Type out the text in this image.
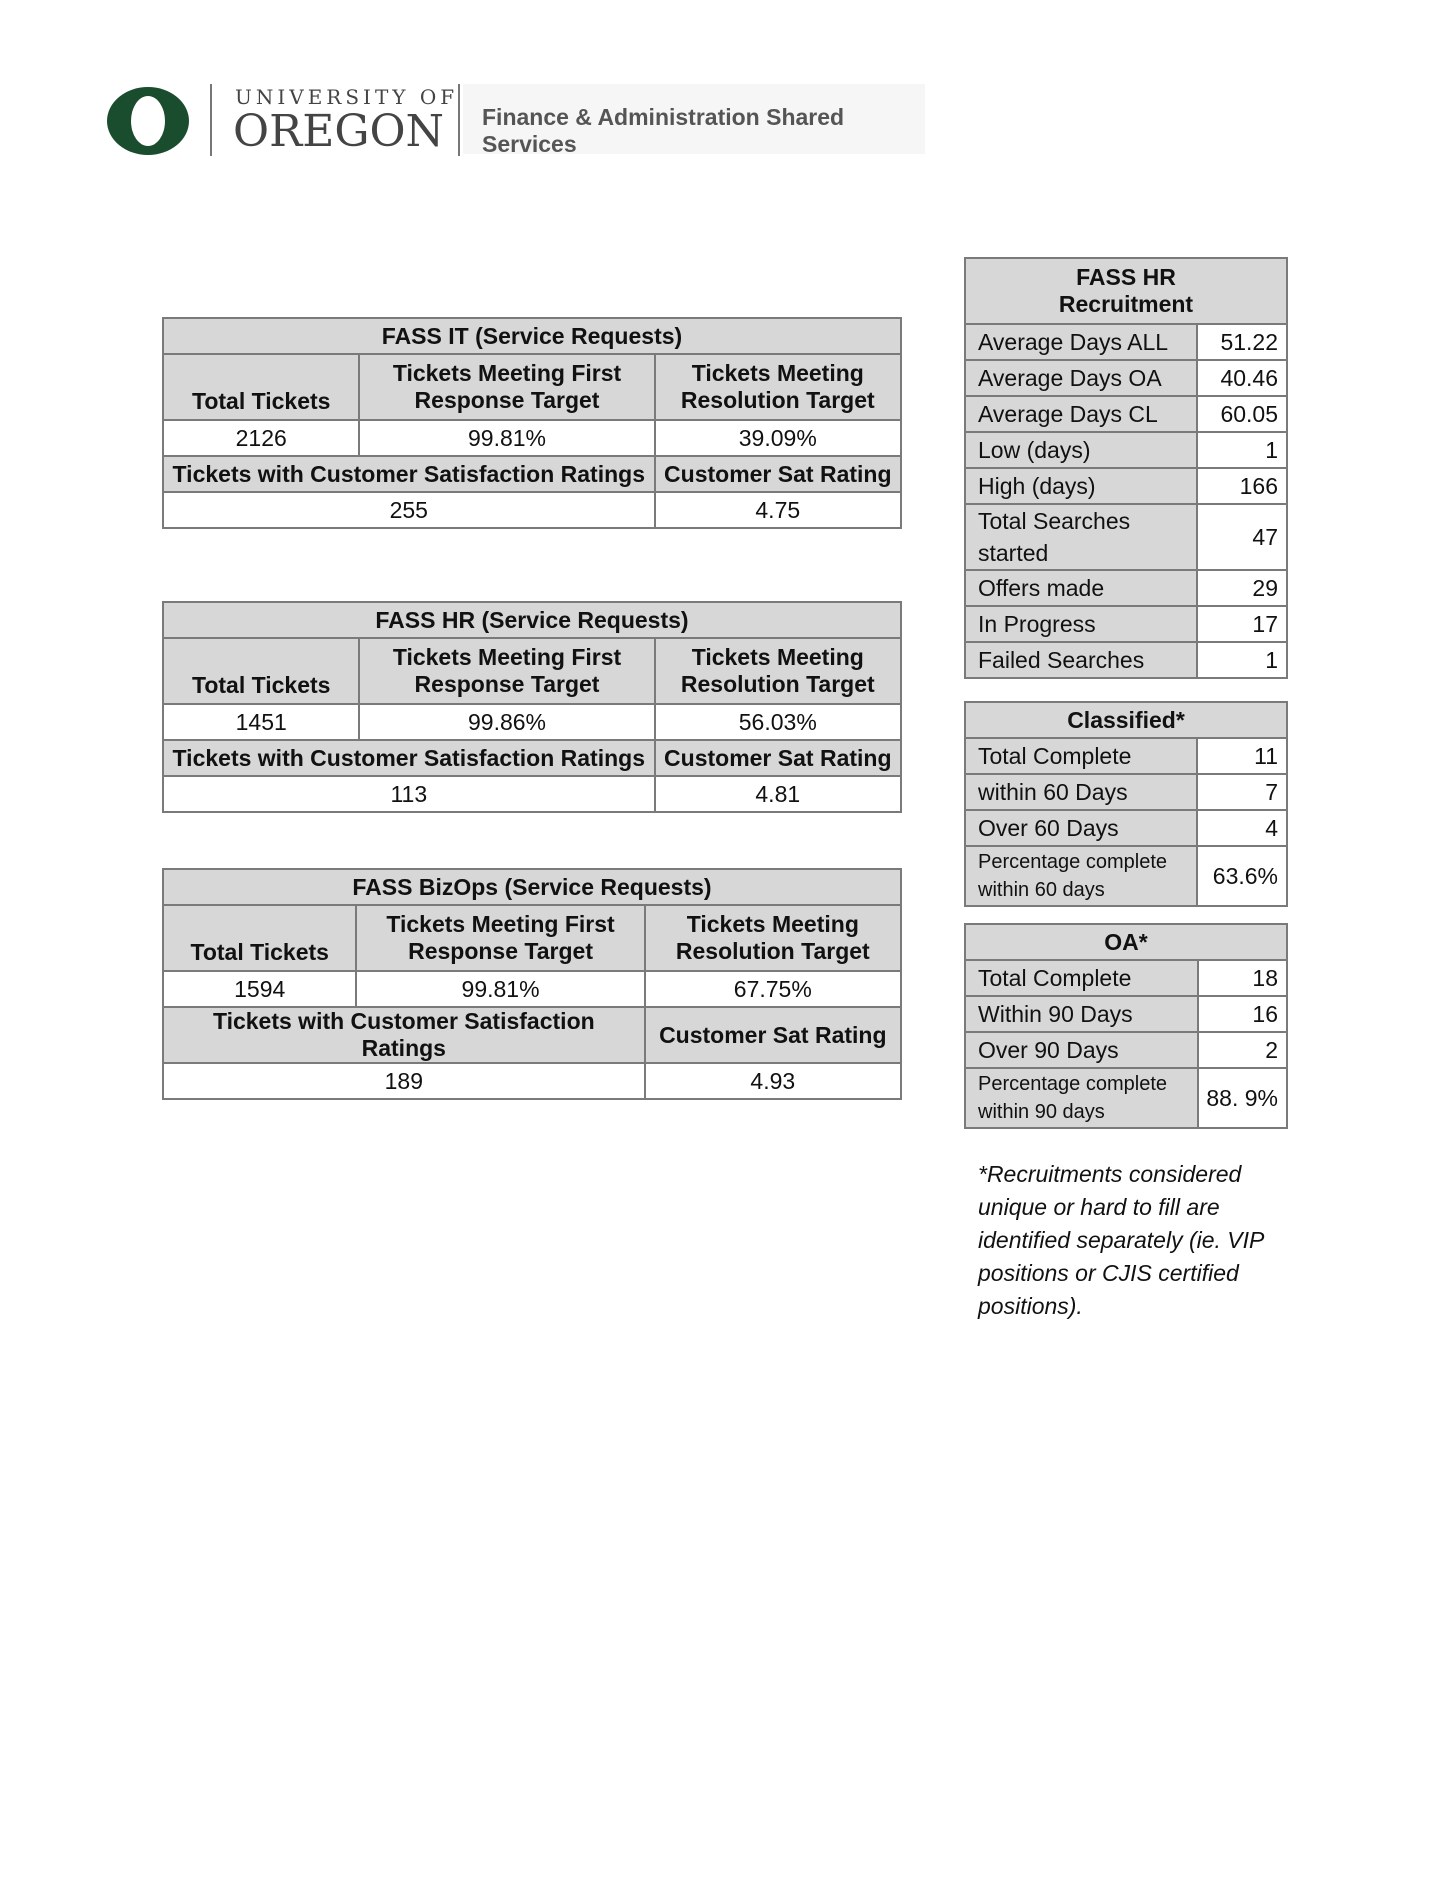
UNIVERSITY OF
OREGON Finance & Administration Shared Services
FASS IT (Service Requests)		
Total Tickets	Tickets Meeting First Response Target	Tickets Meeting Resolution Target
2126	99.81%	39.09%
Tickets with Customer Satisfaction Ratings		Customer Sat Rating
255		4.75
FASS HR (Service Requests)		
Total Tickets	Tickets Meeting First Response Target	Tickets Meeting Resolution Target
1451	99.86%	56.03%
Tickets with Customer Satisfaction Ratings		Customer Sat Rating
113		4.81
FASS BizOps (Service Requests)		
Total Tickets	Tickets Meeting First Response Target	Tickets Meeting Resolution Target
1594	99.81%	67.75%
Tickets with Customer Satisfaction Ratings		Customer Sat Rating
189		4.93
FASS HR
Recruitment	
Average Days ALL	51.22
Average Days OA	40.46
Average Days CL	60.05
Low (days)	1
High (days)	166
Total Searches started	47
Offers made	29
In Progress	17
Failed Searches	1
Classified*	
Total Complete	11
within 60 Days	7
Over 60 Days	4
Percentage complete within 60 days	63.6%
OA*	
Total Complete	18
Within 90 Days	16
Over 90 Days	2
Percentage complete within 90 days	88. 9%
*Recruitments considered unique or hard to fill are identified separately (ie. VIP positions or CJIS certified positions).
